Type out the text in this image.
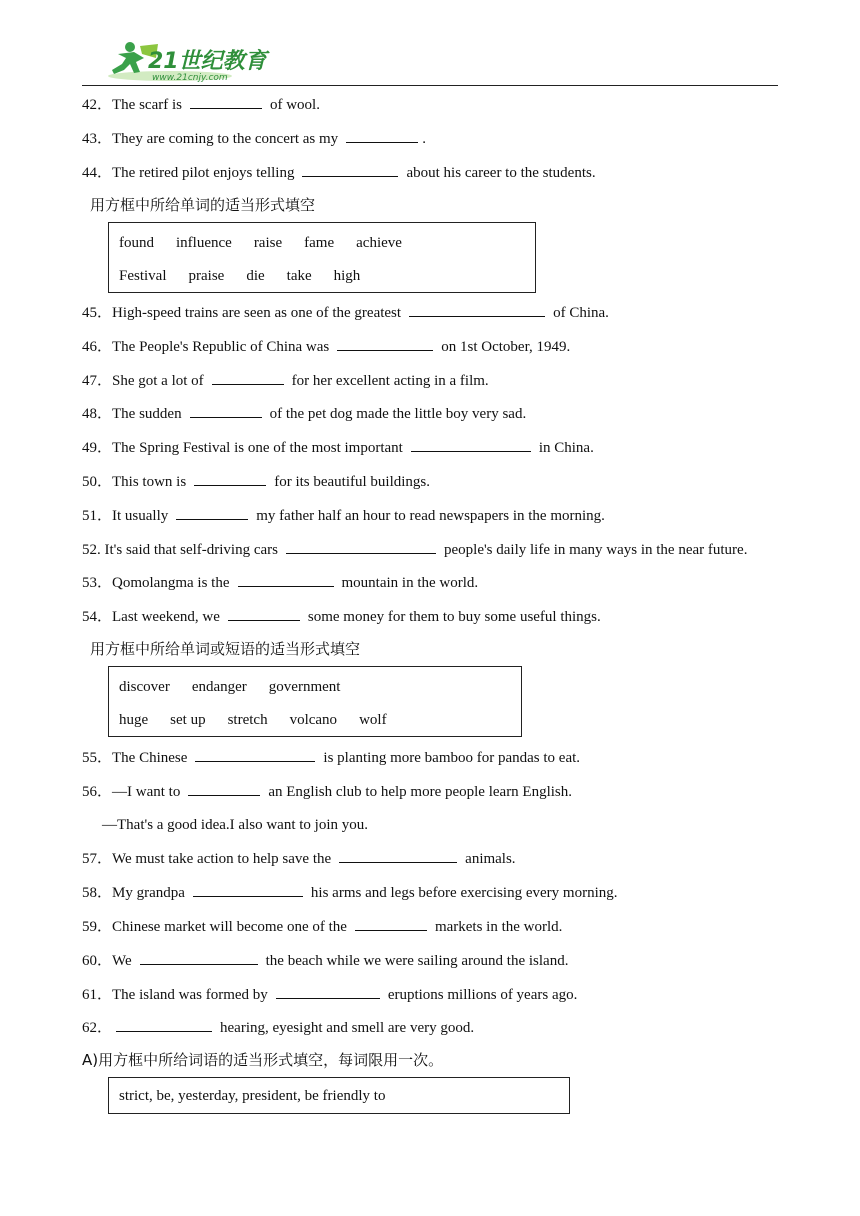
21世纪教育
www.21cnjy.com
42．The scarf is	of wool.
43．They are coming to the concert as my	.
44．The retired pilot enjoys telling	about his career to the students.
用方框中所给单词的适当形式填空
found influence raise fame achieve
Festival praise die take high
45．High-speed trains are seen as one of the greatest	of China.
46．The People's Republic of China was	on 1st October, 1949.
47．She got a lot of	for her excellent acting in a film.
48．The sudden	of the pet dog made the little boy very sad.
49．The Spring Festival is one of the most important	in China.
50．This town is	for its beautiful buildings.
51．It usually	my father half an hour to read newspapers in the morning.
52. It's said that self-driving cars	people's daily life in many ways in the near future.
53．Qomolangma is the	mountain in the world.
54．Last weekend, we	some money for them to buy some useful things.
用方框中所给单词或短语的适当形式填空
discover endanger government
huge set up stretch volcano wolf
55．The Chinese	is planting more bamboo for pandas to eat.
56．—I want to	an English club to help more people learn English.
—That's a good idea.I also want to join you.
57．We must take action to help save the	animals.
58．My grandpa	his arms and legs before exercising every morning.
59．Chinese market will become one of the	markets in the world.
60．We	the beach while we were sailing around the island.
61．The island was formed by	eruptions millions of years ago.
62．	hearing, eyesight and smell are very good.
A)用方框中所给词语的适当形式填空，每词限用一次。
strict, be, yesterday, president, be friendly to
